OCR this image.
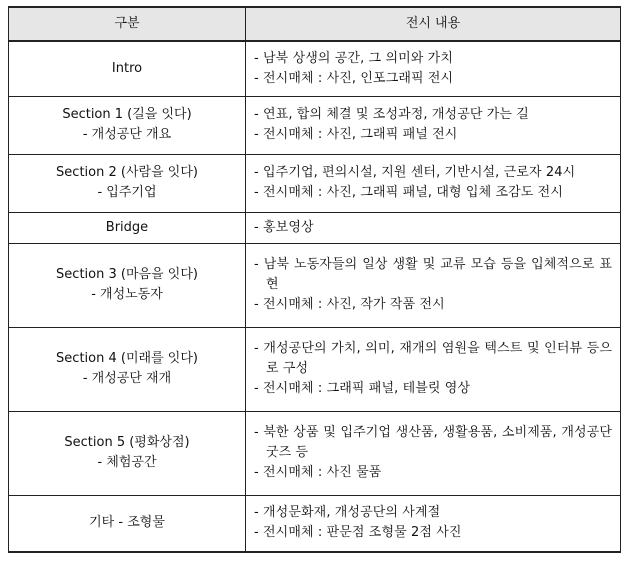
구분	전시 내용

Intro	- 남북 상생의 공간, 그 의미와 가치
- 전시매체 : 사진, 인포그래픽 전시

Section 1 (길을 잇다)
- 개성공단 개요	- 연표, 합의 체결 및 조성과정, 개성공단 가는 길
- 전시매체 : 사진, 그래픽 패널 전시

Section 2 (사람을 잇다)
- 입주기업	- 입주기업, 편의시설, 지원 센터, 기반시설, 근로자 24시
- 전시매체 : 사진, 그래픽 패널, 대형 입체 조감도 전시

Bridge	- 홍보영상

Section 3 (마음을 잇다)
- 개성노동자	- 남북 노동자들의 일상 생활 및 교류 모습 등을 입체적으로 표현
- 전시매체 : 사진, 작가 작품 전시

Section 4 (미래를 잇다)
- 개성공단 재개	- 개성공단의 가치, 의미, 재개의 염원을 텍스트 및 인터뷰 등으로 구성
- 전시매체 : 그래픽 패널, 테블릿 영상

Section 5 (평화상점)
- 체험공간	- 북한 상품 및 입주기업 생산품, 생활용품, 소비제품, 개성공단 굿즈 등
- 전시매체 : 사진 물품

기타 - 조형물	- 개성문화재, 개성공단의 사계절
- 전시매체 : 판문점 조형물 2점 사진
